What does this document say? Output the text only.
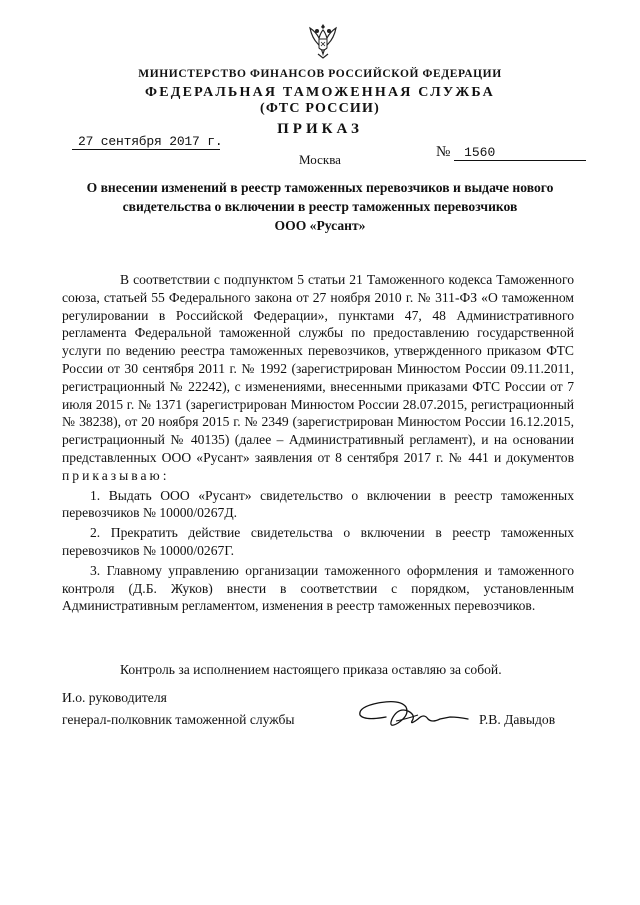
МИНИСТЕРСТВО ФИНАНСОВ РОССИЙСКОЙ ФЕДЕРАЦИИ
ФЕДЕРАЛЬНАЯ ТАМОЖЕННАЯ СЛУЖБА
(ФТС РОССИИ)
ПРИКАЗ
27 сентября 2017 г.
№ 1560
Москва
О внесении изменений в реестр таможенных перевозчиков и выдаче нового
свидетельства о включении в реестр таможенных перевозчиков
ООО «Русант»

В соответствии с подпунктом 5 статьи 21 Таможенного кодекса Таможенного союза, статьей 55 Федерального закона от 27 ноября 2010 г. № 311-ФЗ «О таможенном регулировании в Российской Федерации», пунктами 47, 48 Административного регламента Федеральной таможенной службы по предоставлению государственной услуги по ведению реестра таможенных перевозчиков, утвержденного приказом ФТС России от 30 сентября 2011 г. № 1992 (зарегистрирован Минюстом России 09.11.2011, регистрационный № 22242), с изменениями, внесенными приказами ФТС России от 7 июля 2015 г. № 1371 (зарегистрирован Минюстом России 28.07.2015, регистрационный № 38238), от 20 ноября 2015 г. № 2349 (зарегистрирован Минюстом России 16.12.2015, регистрационный № 40135) (далее – Административный регламент), и на основании представленных ООО «Русант» заявления от 8 сентября 2017 г. № 441 и документов приказываю:

1. Выдать ООО «Русант» свидетельство о включении в реестр таможенных перевозчиков № 10000/0267Д.

2. Прекратить действие свидетельства о включении в реестр таможенных перевозчиков № 10000/0267Г.

3. Главному управлению организации таможенного оформления и таможенного контроля (Д.Б. Жуков) внести в соответствии с порядком, установленным Административным регламентом, изменения в реестр таможенных перевозчиков.

Контроль за исполнением настоящего приказа оставляю за собой.
И.о. руководителя
генерал-полковник таможенной службы	Р.В. Давыдов
